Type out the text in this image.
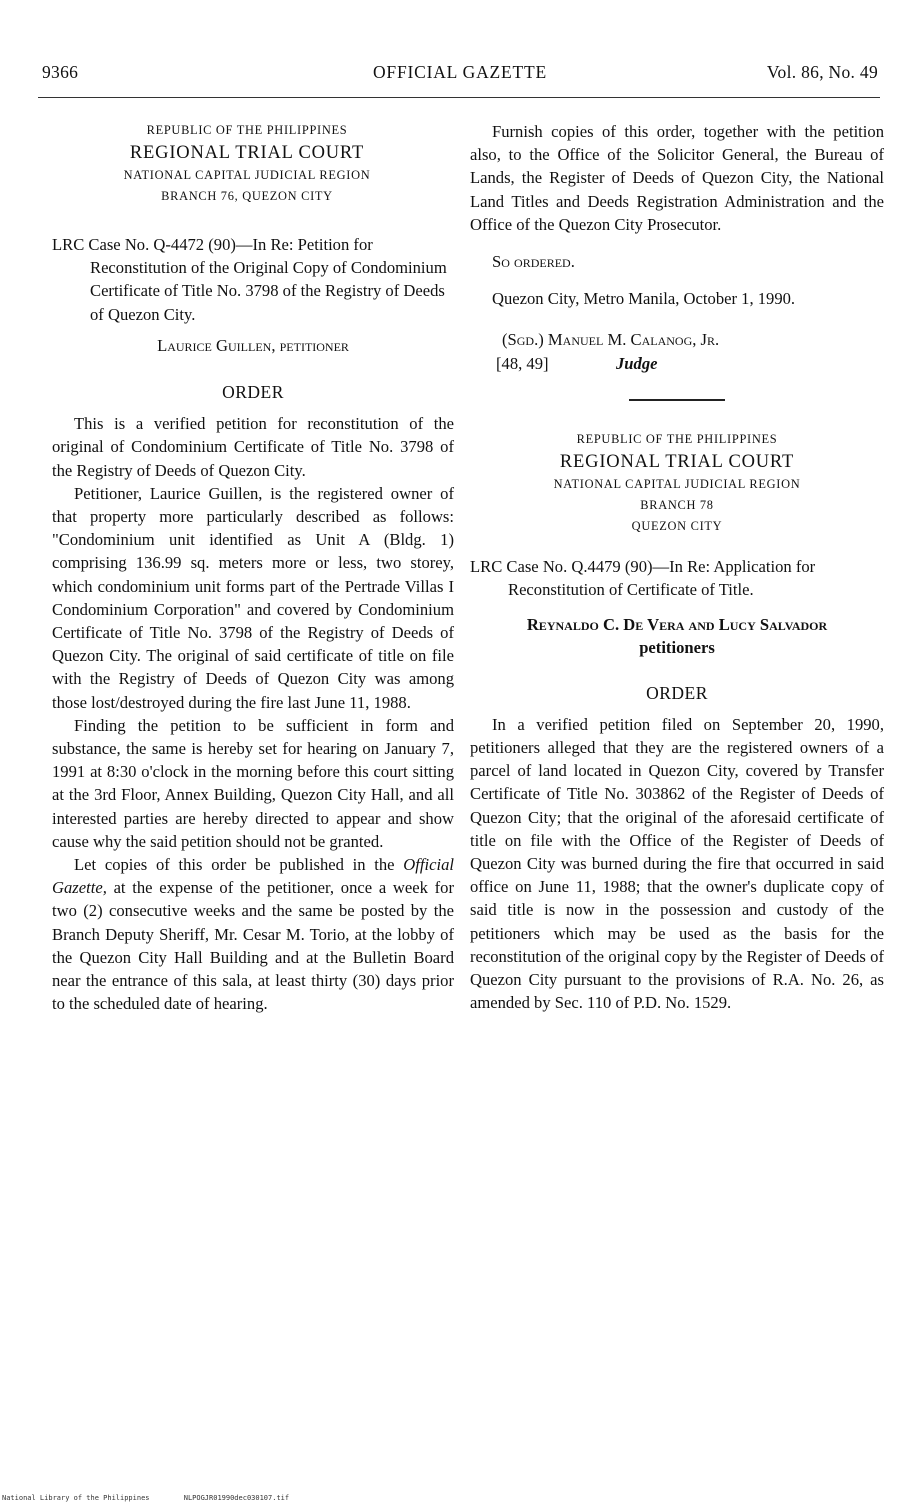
9366	OFFICIAL GAZETTE	Vol. 86, No. 49
REPUBLIC OF THE PHILIPPINES
REGIONAL TRIAL COURT
NATIONAL CAPITAL JUDICIAL REGION
BRANCH 76, QUEZON CITY

LRC Case No. Q-4472 (90)—In Re: Petition for Reconstitution of the Original Copy of Condominium Certificate of Title No. 3798 of the Registry of Deeds of Quezon City.

Laurice Guillen, petitioner

ORDER

This is a verified petition for reconstitution of the original of Condominium Certificate of Title No. 3798 of the Registry of Deeds of Quezon City.

Petitioner, Laurice Guillen, is the registered owner of that property more particularly described as follows: "Condominium unit identified as Unit A (Bldg. 1) comprising 136.99 sq. meters more or less, two storey, which condominium unit forms part of the Pertrade Villas I Condominium Corporation" and covered by Condominium Certificate of Title No. 3798 of the Registry of Deeds of Quezon City. The original of said certificate of title on file with the Registry of Deeds of Quezon City was among those lost/destroyed during the fire last June 11, 1988.

Finding the petition to be sufficient in form and substance, the same is hereby set for hearing on January 7, 1991 at 8:30 o'clock in the morning before this court sitting at the 3rd Floor, Annex Building, Quezon City Hall, and all interested parties are hereby directed to appear and show cause why the said petition should not be granted.

Let copies of this order be published in the Official Gazette, at the expense of the petitioner, once a week for two (2) consecutive weeks and the same be posted by the Branch Deputy Sheriff, Mr. Cesar M. Torio, at the lobby of the Quezon City Hall Building and at the Bulletin Board near the entrance of this sala, at least thirty (30) days prior to the scheduled date of hearing.

Furnish copies of this order, together with the petition also, to the Office of the Solicitor General, the Bureau of Lands, the Register of Deeds of Quezon City, the National Land Titles and Deeds Registration Administration and the Office of the Quezon City Prosecutor.

So ordered.

Quezon City, Metro Manila, October 1, 1990.

(Sgd.) Manuel M. Calanog, Jr.

[48, 49]	Judge
REPUBLIC OF THE PHILIPPINES
REGIONAL TRIAL COURT
NATIONAL CAPITAL JUDICIAL REGION
BRANCH 78
QUEZON CITY

LRC Case No. Q.4479 (90)—In Re: Application for Reconstitution of Certificate of Title.

Reynaldo C. De Vera and Lucy Salvador

petitioners

ORDER

In a verified petition filed on September 20, 1990, petitioners alleged that they are the registered owners of a parcel of land located in Quezon City, covered by Transfer Certificate of Title No. 303862 of the Register of Deeds of Quezon City; that the original of the aforesaid certificate of title on file with the Office of the Register of Deeds of Quezon City was burned during the fire that occurred in said office on June 11, 1988; that the owner's duplicate copy of said title is now in the possession and custody of the petitioners which may be used as the basis for the reconstitution of the original copy by the Register of Deeds of Quezon City pursuant to the provisions of R.A. No. 26, as amended by Sec. 110 of P.D. No. 1529.

National Library of the Philippines	NLPOGJR01990dec030107.tif
